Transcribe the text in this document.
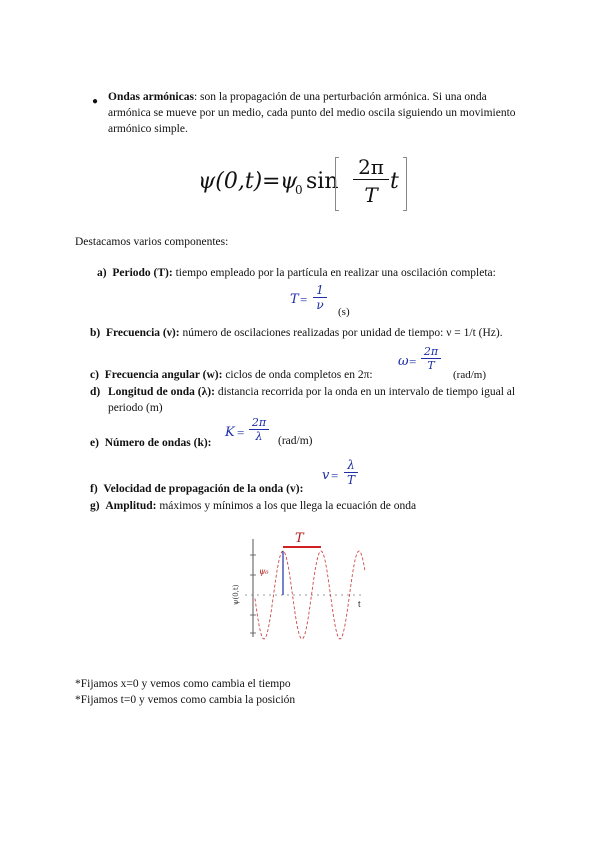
● Ondas armónicas: son la propagación de una perturbación armónica. Si una onda armónica se mueve por un medio, cada punto del medio oscila siguiendo un movimiento armónico simple.
ψ(0,t) = ψ
0 sin
2π
T
t
Destacamos varios componentes:
a) Periodo (T): tiempo empleado por la partícula en realizar una oscilación completa:
$T = \frac{1}{\nu} (s)$
b) Frecuencia (ν): número de oscilaciones realizadas por unidad de tiempo: ν = 1/t (Hz).
$\omega = \frac{2\pi}{T}$
(rad/m)
c) Frecuencia angular (w): ciclos de onda completos en 2π:
d) Longitud de onda (λ): distancia recorrida por la onda en un intervalo de tiempo igual al periodo (m)
e) Número de ondas (k):
$K = \frac{2\pi}{\lambda} (rad/m)$
$v = \frac{\lambda}{T}$
f) Velocidad de propagación de la onda (v):
g) Amplitud: máximos y mínimos a los que llega la ecuación de onda
T
ψ₀
ψ(0,t)	t
*Fijamos x=0 y vemos como cambia el tiempo
*Fijamos t=0 y vemos como cambia la posición
